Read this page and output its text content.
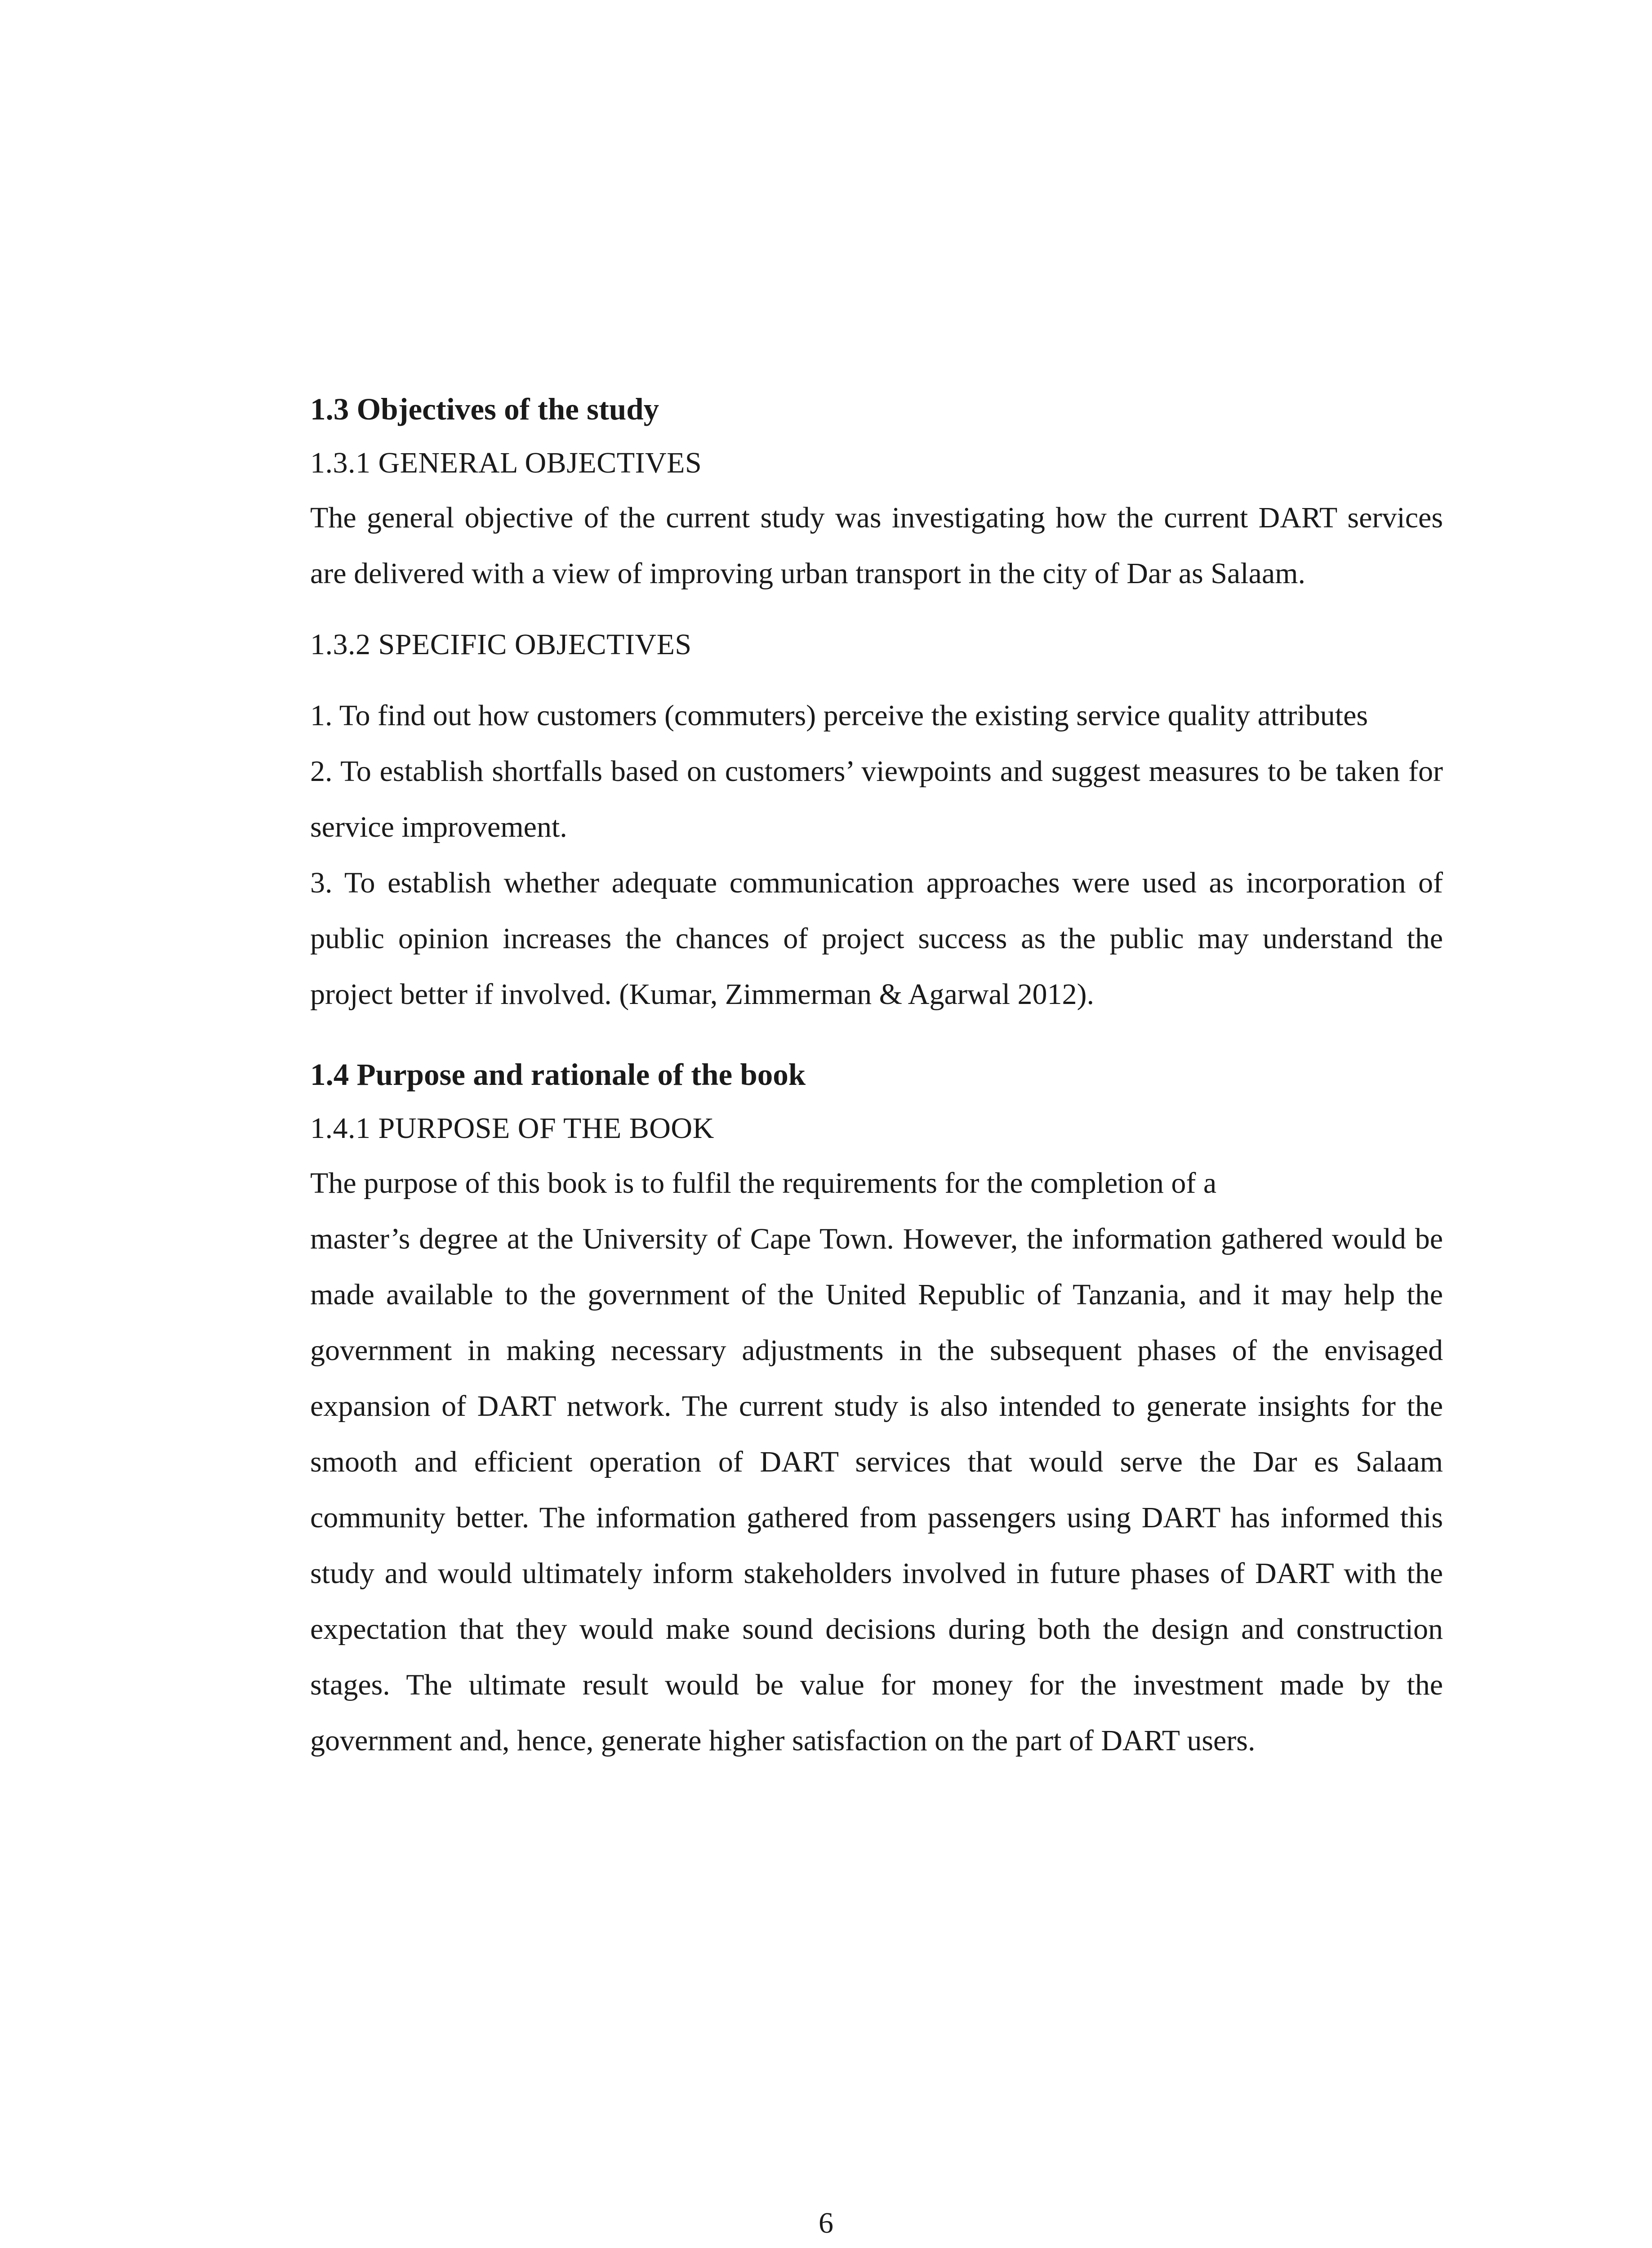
1.3 Objectives of the study

1.3.1 GENERAL OBJECTIVES

The general objective of the current study was investigating how the current DART services are delivered with a view of improving urban transport in the city of Dar as Salaam.

1.3.2 SPECIFIC OBJECTIVES

1. To find out how customers (commuters) perceive the existing service quality attributes

2. To establish shortfalls based on customers’ viewpoints and suggest measures to be taken for service improvement.

3. To establish whether adequate communication approaches were used as incorporation of public opinion increases the chances of project success as the public may understand the project better if involved. (Kumar, Zimmerman & Agarwal 2012).

1.4 Purpose and rationale of the book

1.4.1 PURPOSE OF THE BOOK

The purpose of this book is to fulfil the requirements for the completion of a

master’s degree at the University of Cape Town. However, the information gathered would be made available to the government of the United Republic of Tanzania, and it may help the government in making necessary adjustments in the subsequent phases of the envisaged expansion of DART network. The current study is also intended to generate insights for the smooth and efficient operation of DART services that would serve the Dar es Salaam community better. The information gathered from passengers using DART has informed this study and would ultimately inform stakeholders involved in future phases of DART with the expectation that they would make sound decisions during both the design and construction stages. The ultimate result would be value for money for the investment made by the government and, hence, generate higher satisfaction on the part of DART users.

6
